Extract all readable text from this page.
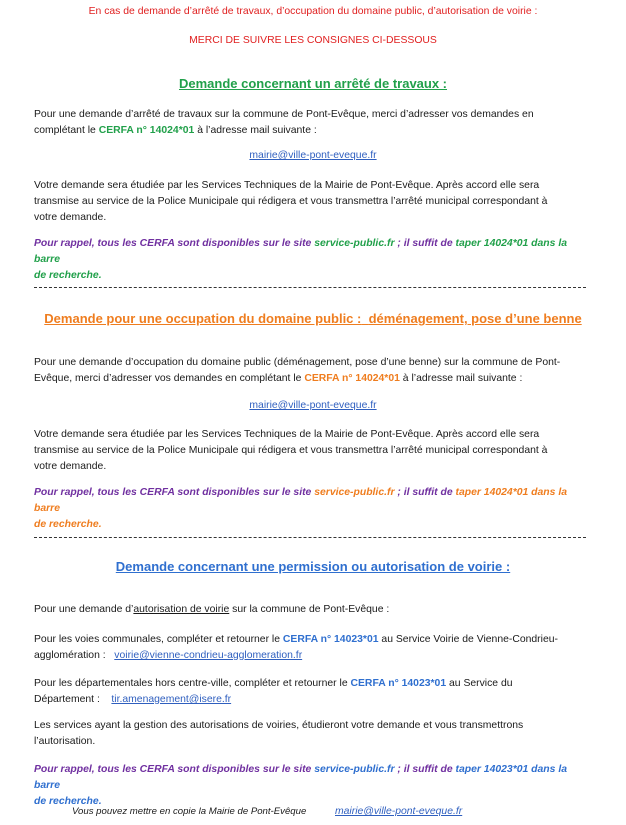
En cas de demande d’arrêté de travaux, d’occupation du domaine public, d’autorisation de voirie :
MERCI DE SUIVRE LES CONSIGNES CI-DESSOUS
Demande concernant un arrêté de travaux :
Pour une demande d’arrêté de travaux sur la commune de Pont-Evêque, merci d’adresser vos demandes en
complétant le CERFA n° 14024*01 à l’adresse mail suivante :
mairie@ville-pont-eveque.fr
Votre demande sera étudiée par les Services Techniques de la Mairie de Pont-Evêque. Après accord elle sera
transmise au service de la Police Municipale qui rédigera et vous transmettra l’arrêté municipal correspondant à
votre demande.
Pour rappel, tous les CERFA sont disponibles sur le site service-public.fr ; il suffit de taper 14024*01 dans la barre
de recherche.
Demande pour une occupation du domaine public : déménagement, pose d’une benne
Pour une demande d’occupation du domaine public (déménagement, pose d’une benne) sur la commune de Pont-
Evêque, merci d’adresser vos demandes en complétant le CERFA n° 14024*01 à l’adresse mail suivante :
mairie@ville-pont-eveque.fr
Votre demande sera étudiée par les Services Techniques de la Mairie de Pont-Evêque. Après accord elle sera
transmise au service de la Police Municipale qui rédigera et vous transmettra l’arrêté municipal correspondant à
votre demande.
Pour rappel, tous les CERFA sont disponibles sur le site service-public.fr ; il suffit de taper 14024*01 dans la barre
de recherche.
Demande concernant une permission ou autorisation de voirie :
Pour une demande d’autorisation de voirie sur la commune de Pont-Evêque :
Pour les voies communales, compléter et retourner le CERFA n° 14023*01 au Service Voirie de Vienne-Condrieu-
agglomération : voirie@vienne-condrieu-agglomeration.fr
Pour les départementales hors centre-ville, compléter et retourner le CERFA n° 14023*01 au Service du
Département : tir.amenagement@isere.fr
Les services ayant la gestion des autorisations de voiries, étudieront votre demande et vous transmettrons
l’autorisation.
Pour rappel, tous les CERFA sont disponibles sur le site service-public.fr ; il suffit de taper 14023*01 dans la barre
de recherche.
Vous pouvez mettre en copie la Mairie de Pont-Evêque	mairie@ville-pont-eveque.fr
